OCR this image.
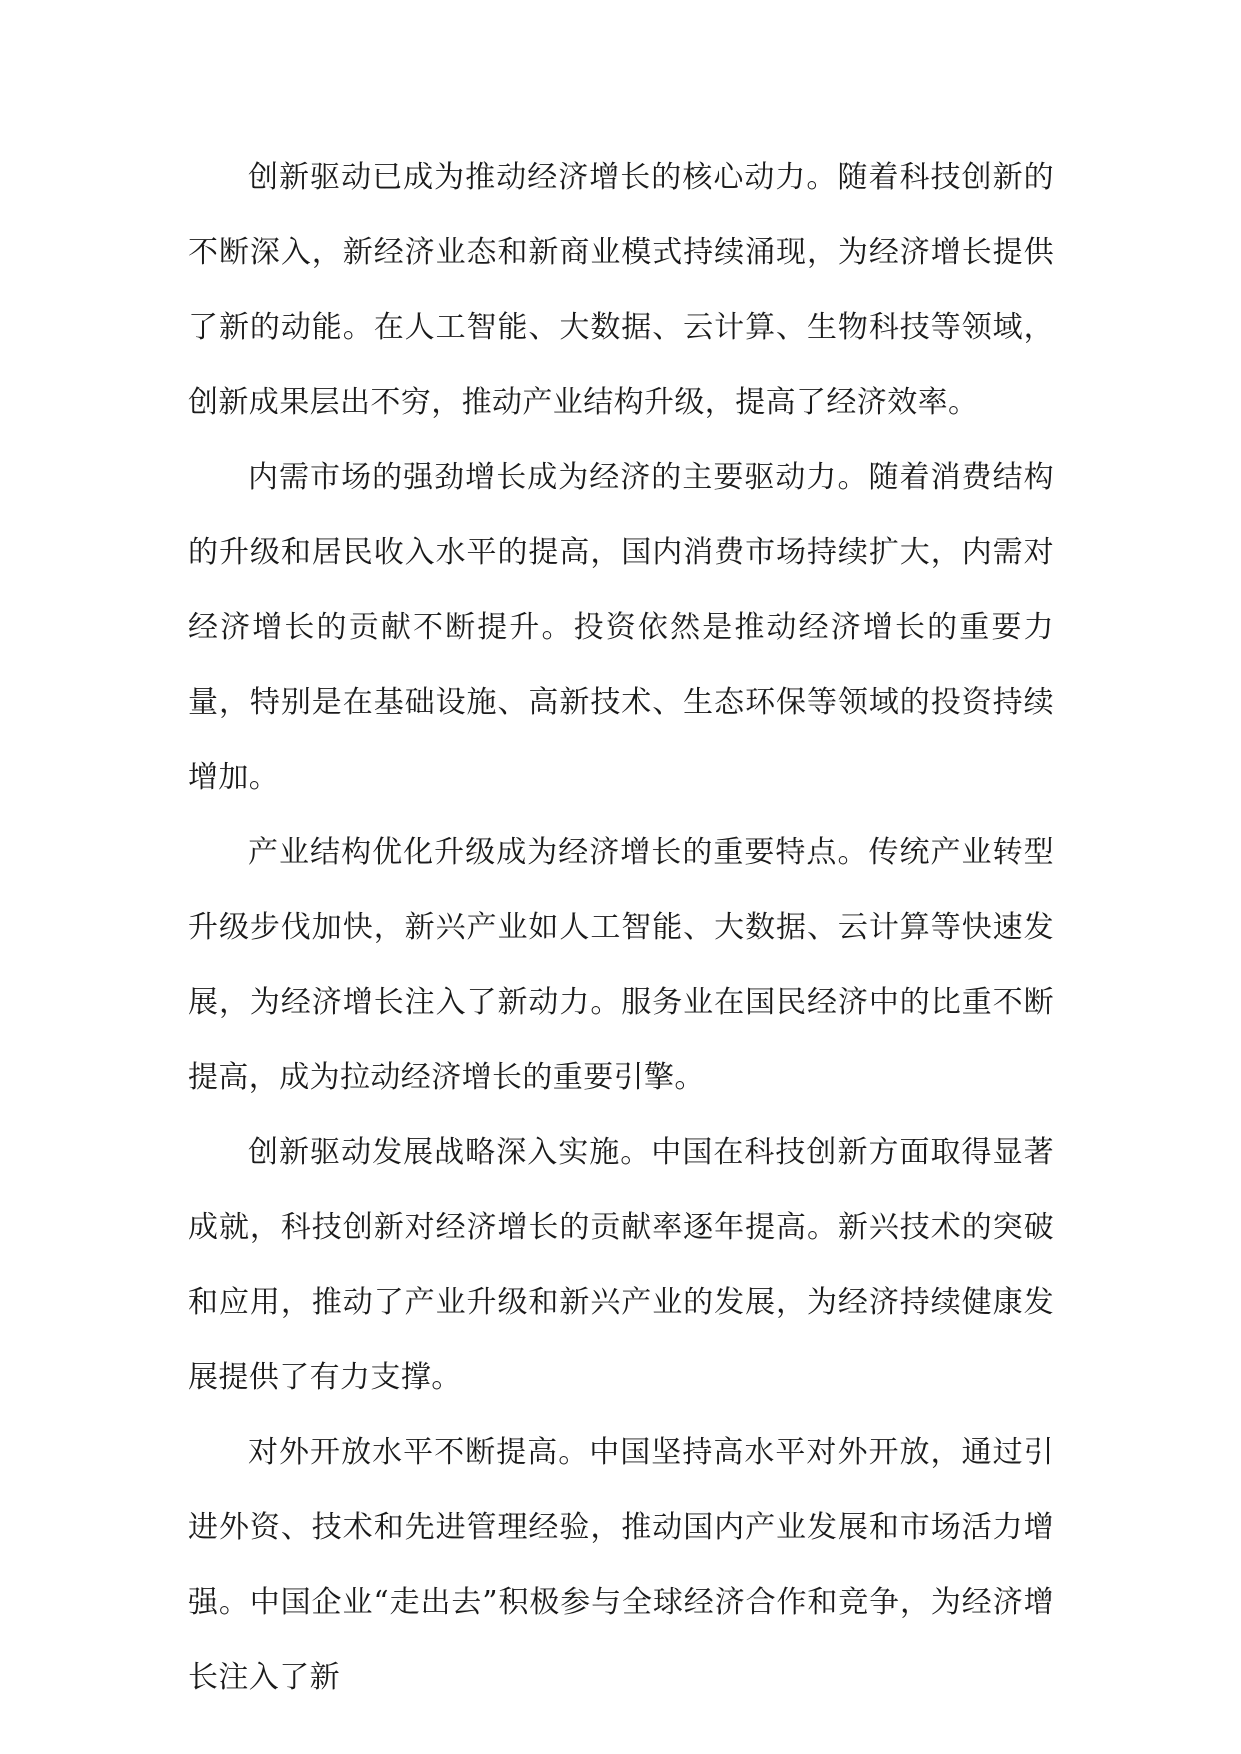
创新驱动已成为推动经济增长的核心动力。随着科技创新的不断深入，新经济业态和新商业模式持续涌现，为经济增长提供了新的动能。在人工智能、大数据、云计算、生物科技等领域，创新成果层出不穷，推动产业结构升级，提高了经济效率。

内需市场的强劲增长成为经济的主要驱动力。随着消费结构的升级和居民收入水平的提高，国内消费市场持续扩大，内需对经济增长的贡献不断提升。投资依然是推动经济增长的重要力量，特别是在基础设施、高新技术、生态环保等领域的投资持续增加。

产业结构优化升级成为经济增长的重要特点。传统产业转型升级步伐加快，新兴产业如人工智能、大数据、云计算等快速发展，为经济增长注入了新动力。服务业在国民经济中的比重不断提高，成为拉动经济增长的重要引擎。

创新驱动发展战略深入实施。中国在科技创新方面取得显著成就，科技创新对经济增长的贡献率逐年提高。新兴技术的突破和应用，推动了产业升级和新兴产业的发展，为经济持续健康发展提供了有力支撑。

对外开放水平不断提高。中国坚持高水平对外开放，通过引进外资、技术和先进管理经验，推动国内产业发展和市场活力增强。中国企业“走出去”积极参与全球经济合作和竞争，为经济增长注入了新
